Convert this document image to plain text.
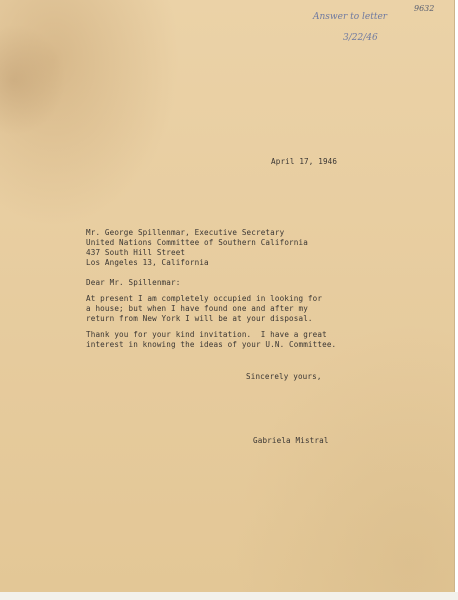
Answer to letter
3/22/46
9632
April 17, 1946
Mr. George Spillenmar, Executive Secretary
United Nations Committee of Southern California
437 South Hill Street
Los Angeles 13, California
Dear Mr. Spillenmar:
At present I am completely occupied in looking for
a house; but when I have found one and after my
return from New York I will be at your disposal.
Thank you for your kind invitation.  I have a great
interest in knowing the ideas of your U.N. Committee.
Sincerely yours,
Gabriela Mistral
